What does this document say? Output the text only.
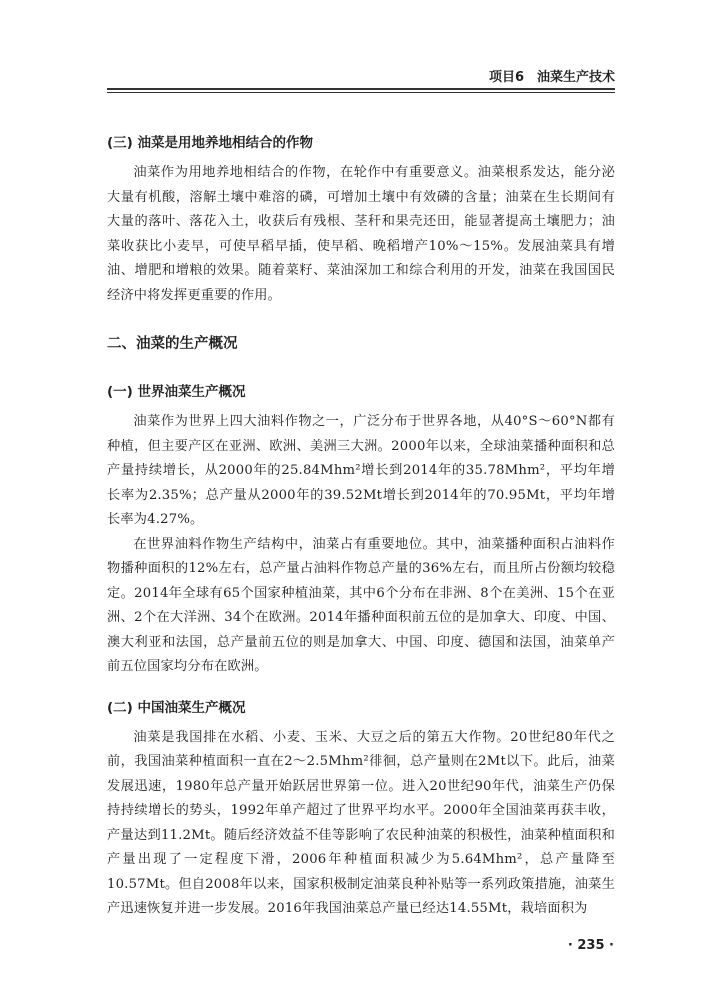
项目6　油菜生产技术
(三) 油菜是用地养地相结合的作物

油菜作为用地养地相结合的作物，在轮作中有重要意义。油菜根系发达，能分泌大量有机酸，溶解土壤中难溶的磷，可增加土壤中有效磷的含量；油菜在生长期间有大量的落叶、落花入土，收获后有残根、茎秆和果壳还田，能显著提高土壤肥力；油菜收获比小麦早，可使早稻早插，使早稻、晚稻增产10%～15%。发展油菜具有增油、增肥和增粮的效果。随着菜籽、菜油深加工和综合利用的开发，油菜在我国国民经济中将发挥更重要的作用。

二、油菜的生产概况
(一) 世界油菜生产概况

油菜作为世界上四大油料作物之一，广泛分布于世界各地，从40°S～60°N都有种植，但主要产区在亚洲、欧洲、美洲三大洲。2000年以来，全球油菜播种面积和总产量持续增长，从2000年的25.84Mhm²增长到2014年的35.78Mhm²，平均年增长率为2.35%；总产量从2000年的39.52Mt增长到2014年的70.95Mt，平均年增长率为4.27%。

在世界油料作物生产结构中，油菜占有重要地位。其中，油菜播种面积占油料作物播种面积的12%左右，总产量占油料作物总产量的36%左右，而且所占份额均较稳定。2014年全球有65个国家种植油菜，其中6个分布在非洲、8个在美洲、15个在亚洲、2个在大洋洲、34个在欧洲。2014年播种面积前五位的是加拿大、印度、中国、澳大利亚和法国，总产量前五位的则是加拿大、中国、印度、德国和法国，油菜单产前五位国家均分布在欧洲。

(二) 中国油菜生产概况

油菜是我国排在水稻、小麦、玉米、大豆之后的第五大作物。20世纪80年代之前，我国油菜种植面积一直在2～2.5Mhm²徘徊，总产量则在2Mt以下。此后，油菜发展迅速，1980年总产量开始跃居世界第一位。进入20世纪90年代，油菜生产仍保持持续增长的势头，1992年单产超过了世界平均水平。2000年全国油菜再获丰收，产量达到11.2Mt。随后经济效益不佳等影响了农民种油菜的积极性，油菜种植面积和产量出现了一定程度下滑，2006年种植面积减少为5.64Mhm²，总产量降至10.57Mt。但自2008年以来，国家积极制定油菜良种补贴等一系列政策措施，油菜生产迅速恢复并进一步发展。2016年我国油菜总产量已经达14.55Mt，栽培面积为

· 235 ·
